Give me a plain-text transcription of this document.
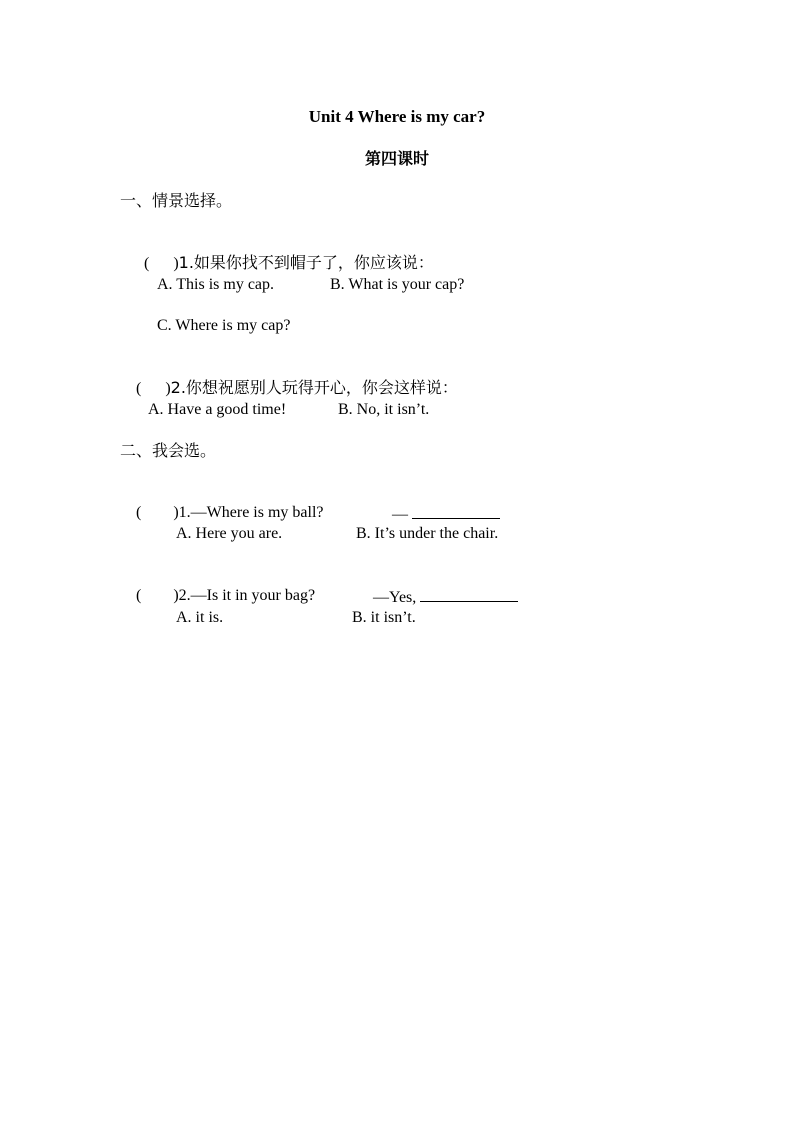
Unit 4 Where is my car?
第四课时
一、情景选择。

(      )1.如果你找不到帽子了，你应该说：

A. This is my cap.	B. What is your cap?
C. Where is my cap?

(      )2.你想祝愿别人玩得开心，你会这样说：

A. Have a good time!	B. No, it isn’t.
二、我会选。

(        )1.—Where is my ball?
	—

A. Here you are.	B. It’s under the chair.

(        )2.—Is it in your bag?
	—Yes,

A. it is.	B. it isn’t.
